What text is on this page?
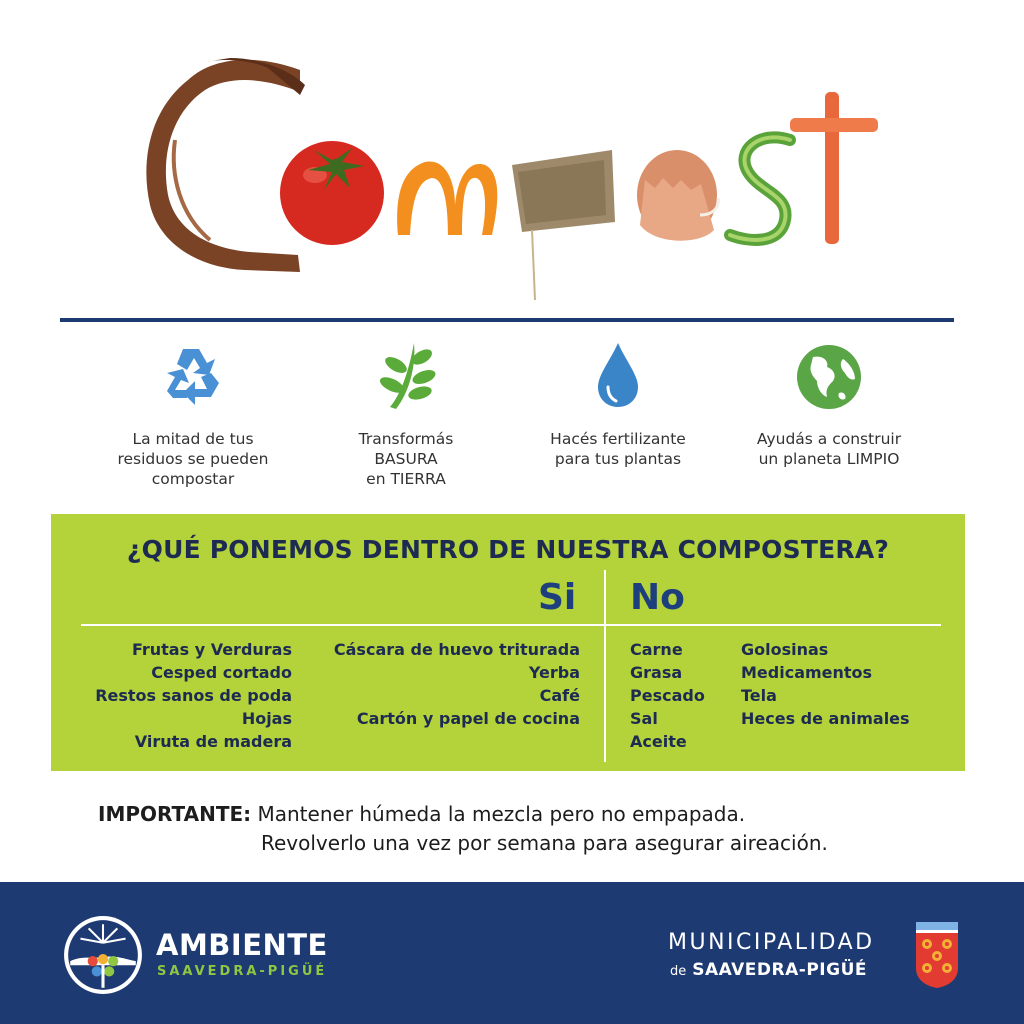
La mitad de tus
residuos se pueden
compostar
Transformás
BASURA
en TIERRA
Hacés fertilizante
para tus plantas
Ayudás a construir
un planeta LIMPIO
¿QUÉ PONEMOS DENTRO DE NUESTRA COMPOSTERA?
Si No
Frutas y Verduras
Cesped cortado
Restos sanos de poda
Hojas
Viruta de madera
Cáscara de huevo triturada
Yerba
Café
Cartón y papel de cocina
Carne
Grasa
Pescado
Sal
Aceite
Golosinas
Medicamentos
Tela
Heces de animales
IMPORTANTE: Mantener húmeda la mezcla pero no empapada.
Revolverlo una vez por semana para asegurar aireación.
AMBIENTE
SAAVEDRA-PIGÜÉ
MUNICIPALIDAD
de SAAVEDRA-PIGÜÉ
